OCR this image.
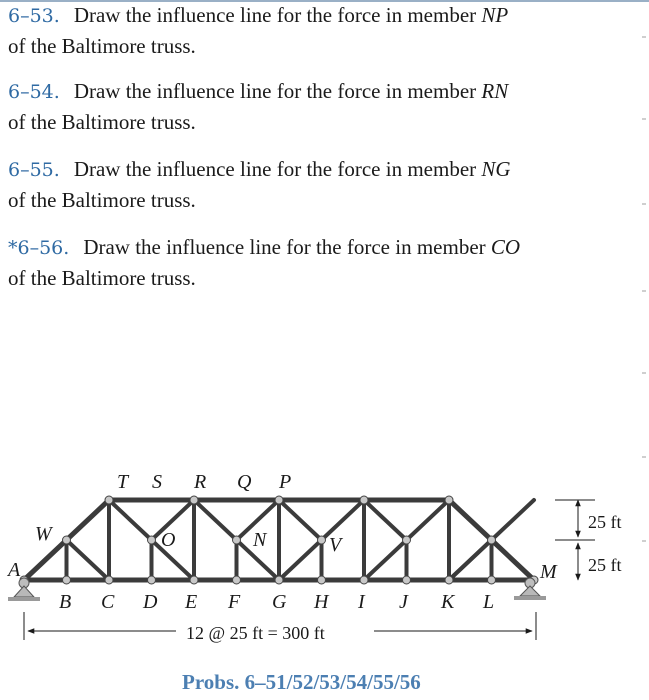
6–53. Draw the influence line for the force in member NP
of the Baltimore truss.
6–54. Draw the influence line for the force in member RN
of the Baltimore truss.
6–55. Draw the influence line for the force in member NG
of the Baltimore truss.
*6–56. Draw the influence line for the force in member CO
of the Baltimore truss.
T S R Q P
B C D E F G H I J K L
O	N	V
A
W
M
25 ft
25 ft
12 @ 25 ft = 300 ft
Probs. 6–51/52/53/54/55/56
